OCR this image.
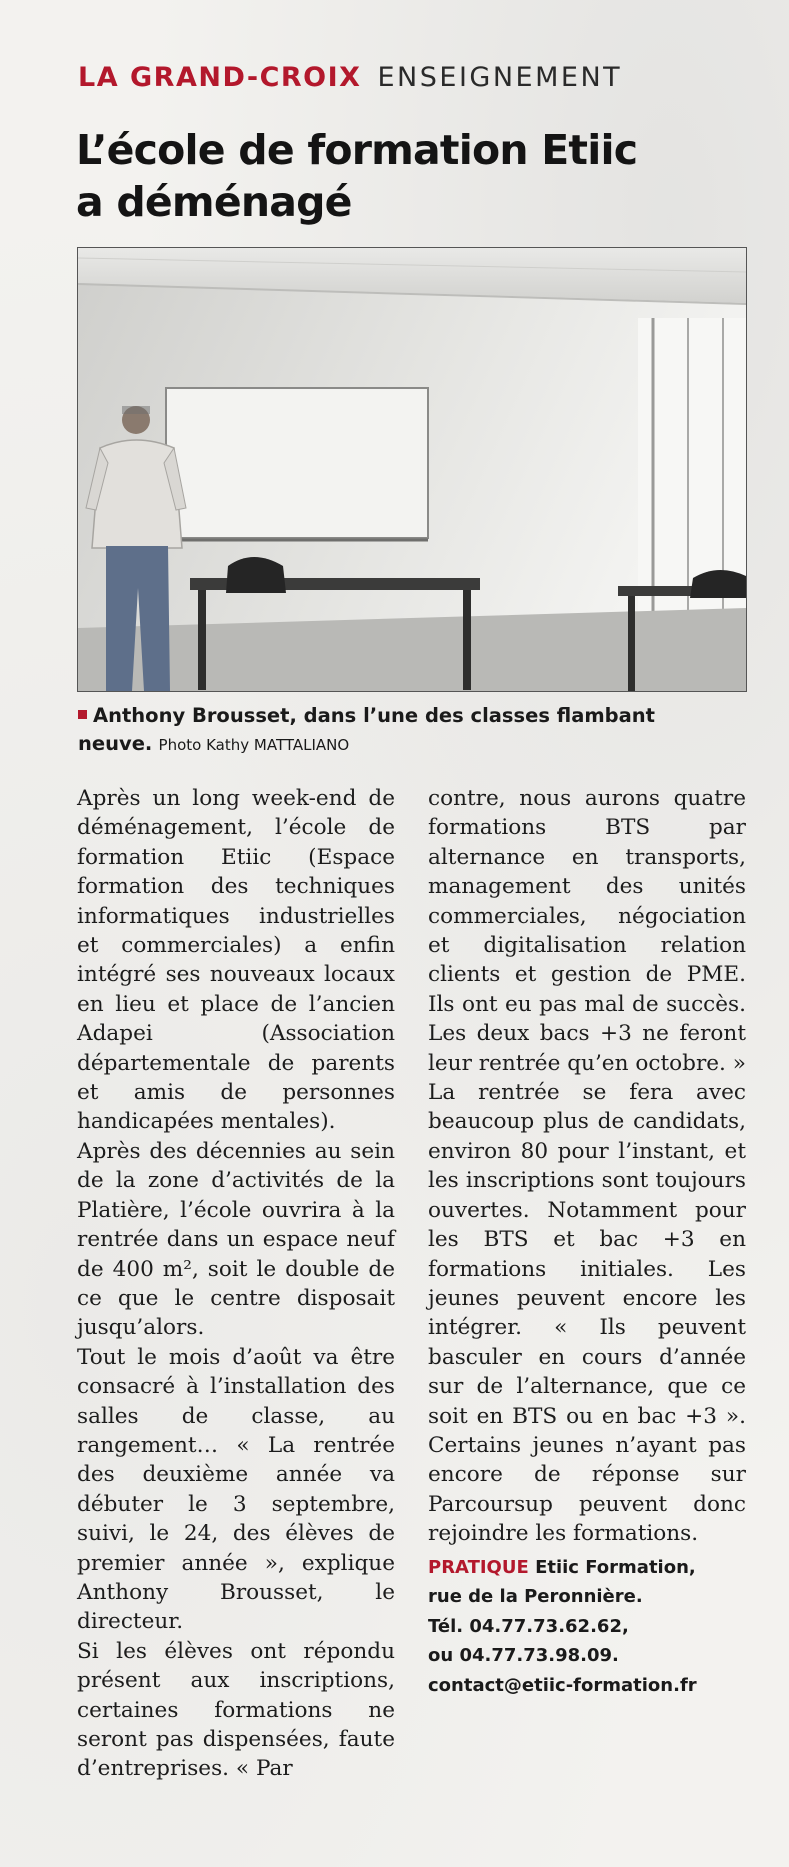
LA GRAND-CROIX ENSEIGNEMENT
L’école de formation Etiic
a déménagé
Anthony Brousset, dans l’une des classes flambant neuve. Photo Kathy MATTALIANO

Après un long week-end de déménagement, l’école de formation Etiic (Espace formation des techniques informatiques industrielles et commerciales) a enfin intégré ses nouveaux locaux en lieu et place de l’ancien Adapei (Association départementale de parents et amis de personnes handicapées mentales).

Après des décennies au sein de la zone d’activités de la Platière, l’école ouvrira à la rentrée dans un espace neuf de 400 m², soit le double de ce que le centre disposait jusqu’alors.

Tout le mois d’août va être consacré à l’installation des salles de classe, au rangement… « La rentrée des deuxième année va débuter le 3 septembre, suivi, le 24, des élèves de premier année », explique Anthony Brousset, le directeur.

Si les élèves ont répondu présent aux inscriptions, certaines formations ne seront pas dispensées, faute d’entreprises. « Par

contre, nous aurons quatre formations BTS par alternance en transports, management des unités commerciales, négociation et digitalisation relation clients et gestion de PME. Ils ont eu pas mal de succès. Les deux bacs +3 ne feront leur rentrée qu’en octobre. »

La rentrée se fera avec beaucoup plus de candidats, environ 80 pour l’instant, et les inscriptions sont toujours ouvertes. Notamment pour les BTS et bac +3 en formations initiales. Les jeunes peuvent encore les intégrer. « Ils peuvent basculer en cours d’année sur de l’alternance, que ce soit en BTS ou en bac +3 ». Certains jeunes n’ayant pas encore de réponse sur Parcoursup peuvent donc rejoindre les formations.

PRATIQUE Etiic Formation,
rue de la Peronnière.
Tél. 04.77.73.62.62,
ou 04.77.73.98.09.
contact@etiic-formation.fr
